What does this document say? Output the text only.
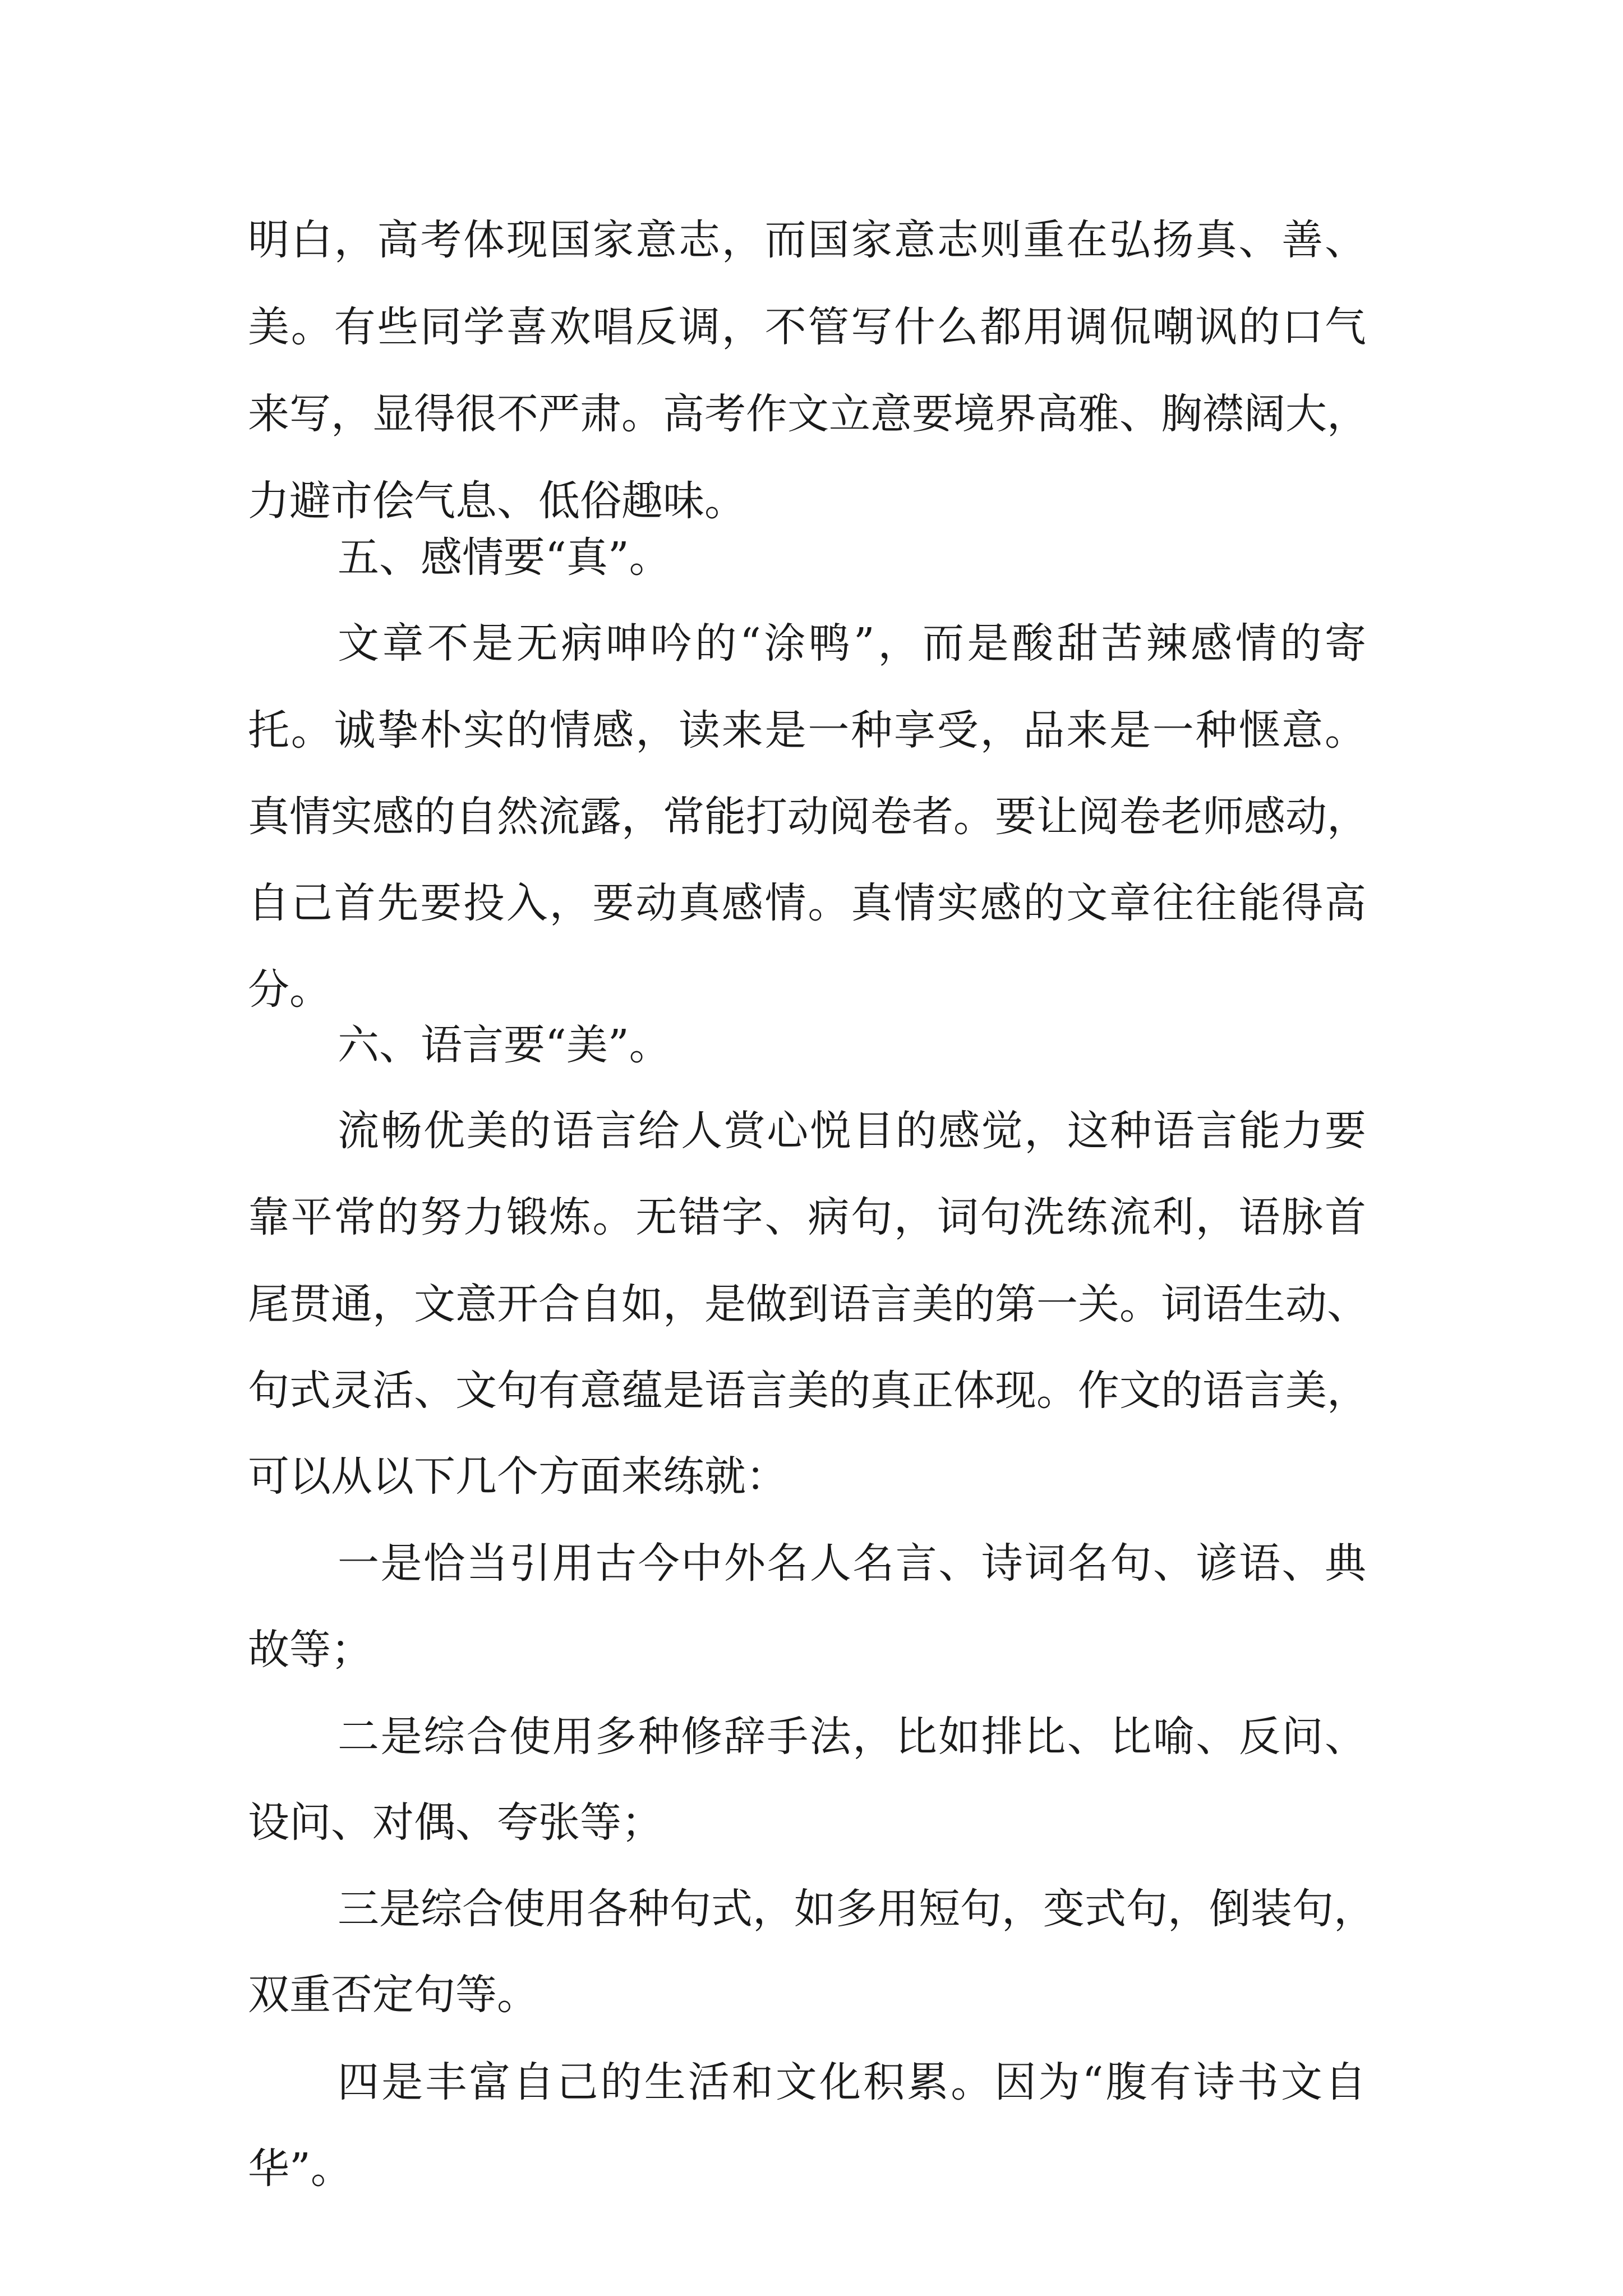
明白，高考体现国家意志，而国家意志则重在弘扬真、善、

美。有些同学喜欢唱反调，不管写什么都用调侃嘲讽的口气

来写，显得很不严肃。高考作文立意要境界高雅、胸襟阔大，

力避市侩气息、低俗趣味。

五、感情要“真”。

文章不是无病呻吟的“涂鸭”，而是酸甜苦辣感情的寄

托。诚挚朴实的情感，读来是一种享受，品来是一种惬意。

真情实感的自然流露，常能打动阅卷者。要让阅卷老师感动，

自己首先要投入，要动真感情。真情实感的文章往往能得高

分。

六、语言要“美”。

流畅优美的语言给人赏心悦目的感觉，这种语言能力要

靠平常的努力锻炼。无错字、病句，词句洗练流利，语脉首

尾贯通，文意开合自如，是做到语言美的第一关。词语生动、

句式灵活、文句有意蕴是语言美的真正体现。作文的语言美，

可以从以下几个方面来练就：

一是恰当引用古今中外名人名言、诗词名句、谚语、典

故等；

二是综合使用多种修辞手法，比如排比、比喻、反问、

设问、对偶、夸张等；

三是综合使用各种句式，如多用短句，变式句，倒装句，

双重否定句等。

四是丰富自己的生活和文化积累。因为“腹有诗书文自

华”。
